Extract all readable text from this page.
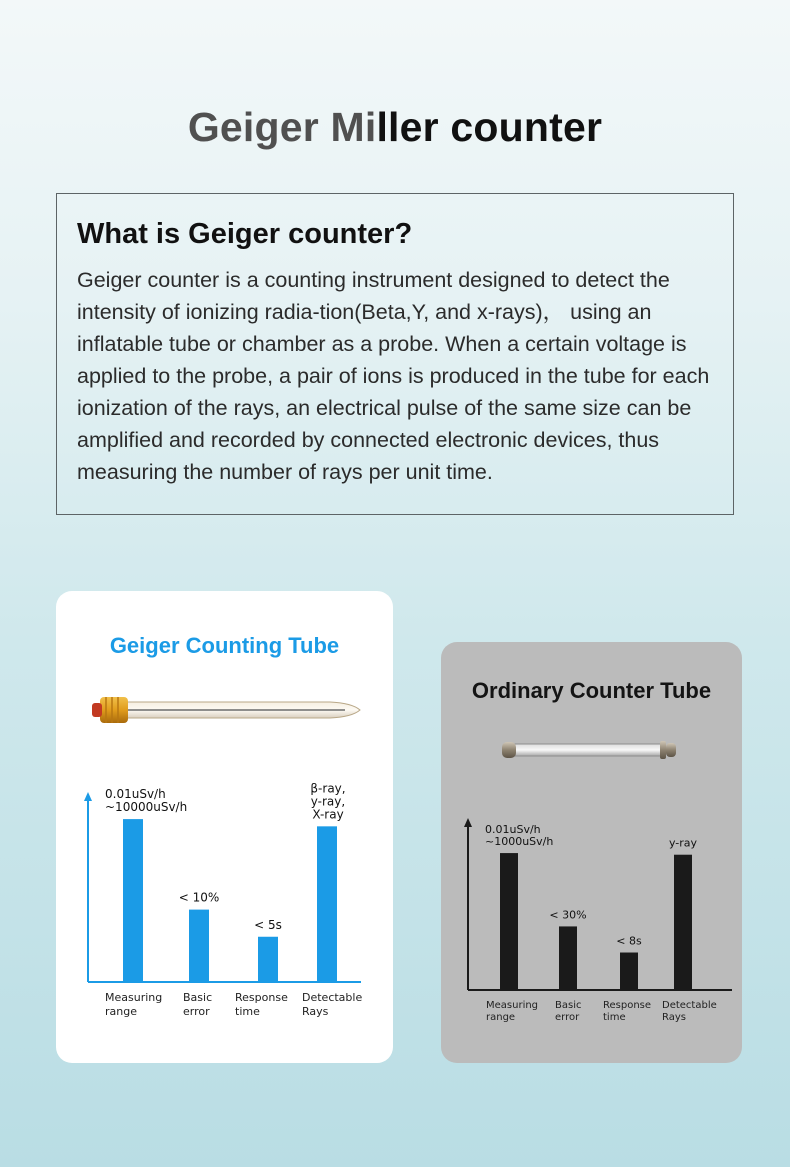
Geiger Miller counter
What is Geiger counter?

Geiger counter is a counting instrument designed to detect the intensity of ionizing radia-tion(Beta,Y, and x-rays)， using an inflatable tube or chamber as a probe. When a certain voltage is applied to the probe, a pair of ions is produced in the tube for each ionization of the rays, an electrical pulse of the same size can be amplified and recorded by connected electronic devices, thus measuring the number of rays per unit time.

Geiger Counting Tube
0.01uSv/h
~10000uSv/h
Measuring
range
< 10%
Basic
error
< 5s
Response
time
β-ray,
y-ray,
X-ray
Detectable
Rays
Ordinary Counter Tube
0.01uSv/h
~1000uSv/h
Measuring
range
< 30%
Basic
error
< 8s
Response
time
y-ray
Detectable
Rays
